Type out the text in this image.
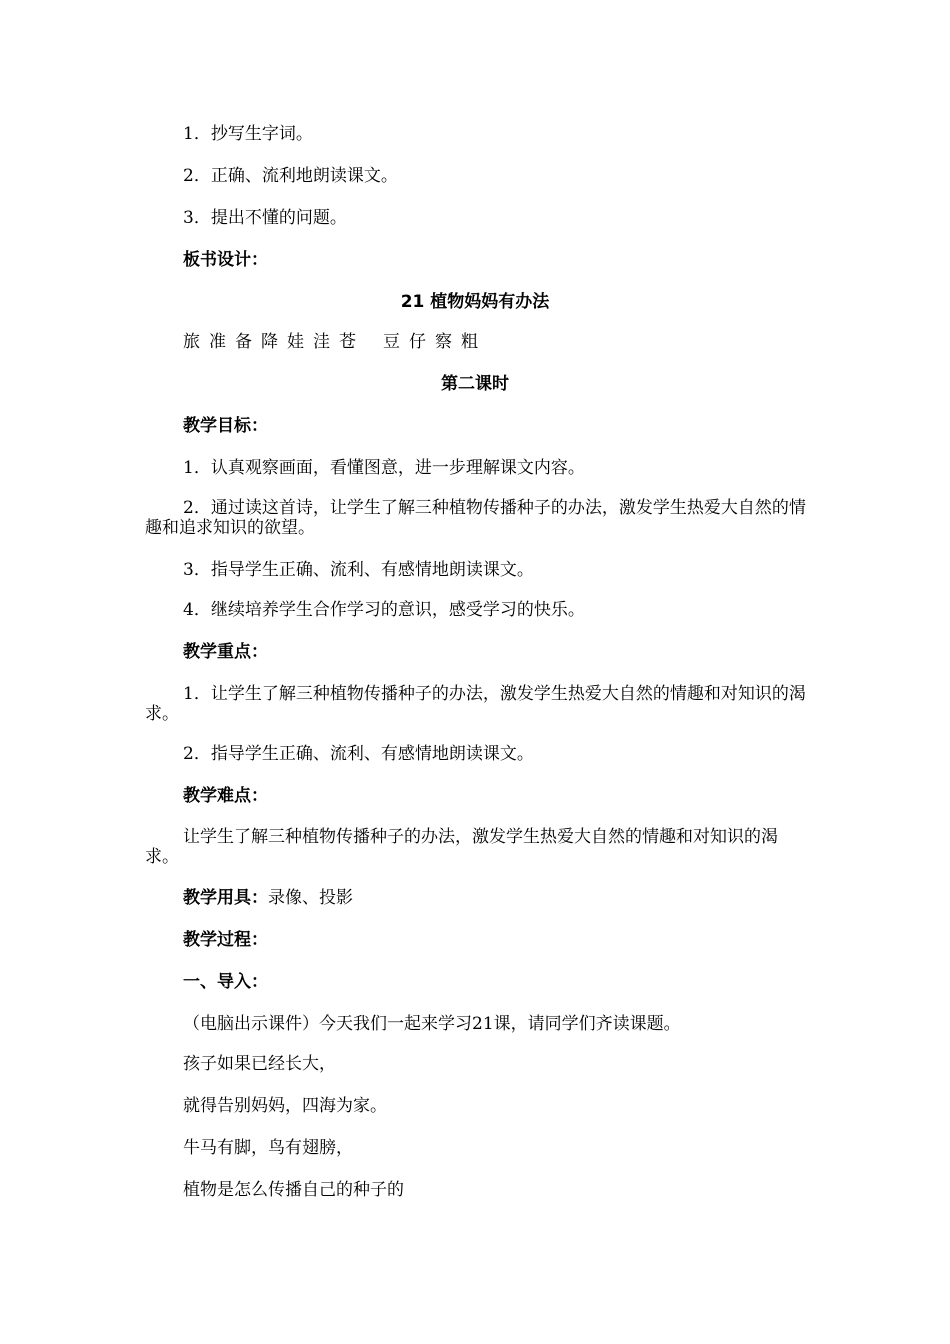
1．抄写生字词。
2．正确、流利地朗读课文。
3．提出不懂的问题。
板书设计：
21 植物妈妈有办法
旅 准 备 降 娃 洼 苍 豆 仔 察 粗
第二课时
教学目标：
1．认真观察画面，看懂图意，进一步理解课文内容。
2．通过读这首诗，让学生了解三种植物传播种子的办法，激发学生热爱大自然的情趣和追求知识的欲望。
3．指导学生正确、流利、有感情地朗读课文。
4．继续培养学生合作学习的意识，感受学习的快乐。
教学重点：
1．让学生了解三种植物传播种子的办法，激发学生热爱大自然的情趣和对知识的渴求。
2．指导学生正确、流利、有感情地朗读课文。
教学难点：
让学生了解三种植物传播种子的办法，激发学生热爱大自然的情趣和对知识的渴求。
教学用具：录像、投影
教学过程：
一、导入：
（电脑出示课件）今天我们一起来学习21课，请同学们齐读课题。
孩子如果已经长大，
就得告别妈妈，四海为家。
牛马有脚，鸟有翅膀，
植物是怎么传播自己的种子的
